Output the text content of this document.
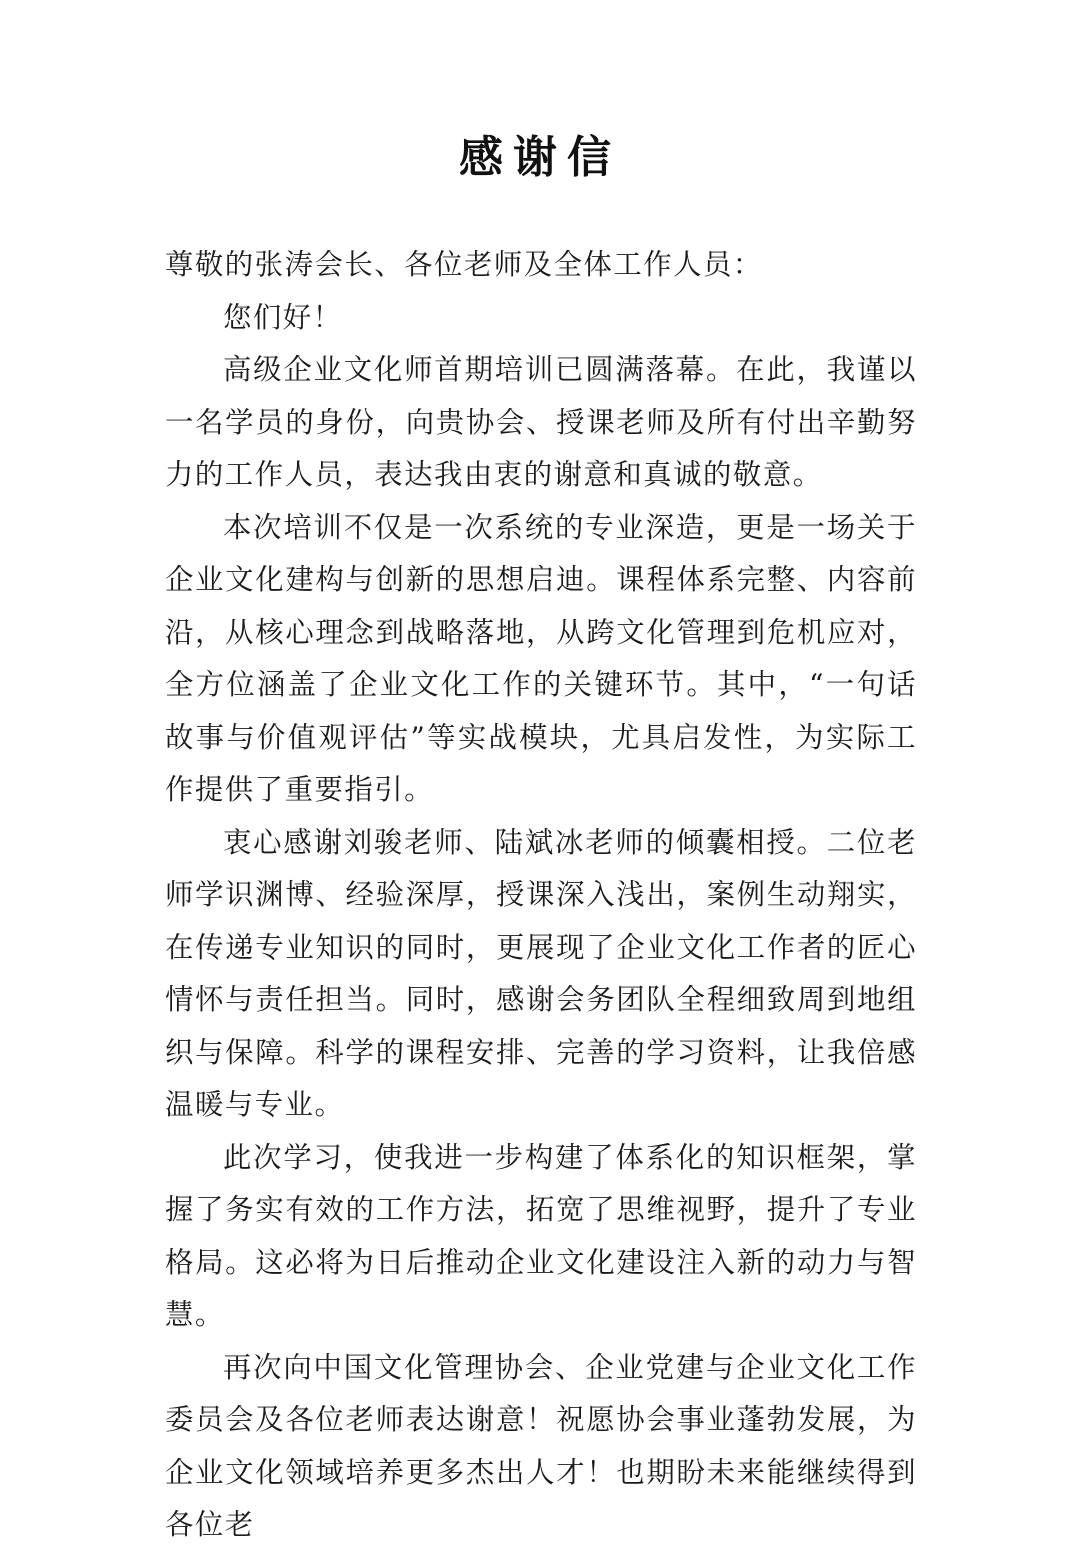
感谢信

尊敬的张涛会长、各位老师及全体工作人员：

您们好！

高级企业文化师首期培训已圆满落幕。在此，我谨以一名学员的身份，向贵协会、授课老师及所有付出辛勤努力的工作人员，表达我由衷的谢意和真诚的敬意。

本次培训不仅是一次系统的专业深造，更是一场关于企业文化建构与创新的思想启迪。课程体系完整、内容前沿，从核心理念到战略落地，从跨文化管理到危机应对，全方位涵盖了企业文化工作的关键环节。其中，“一句话故事与价值观评估”等实战模块，尤具启发性，为实际工作提供了重要指引。

衷心感谢刘骏老师、陆斌冰老师的倾囊相授。二位老师学识渊博、经验深厚，授课深入浅出，案例生动翔实，在传递专业知识的同时，更展现了企业文化工作者的匠心情怀与责任担当。同时，感谢会务团队全程细致周到地组织与保障。科学的课程安排、完善的学习资料，让我倍感温暖与专业。

此次学习，使我进一步构建了体系化的知识框架，掌握了务实有效的工作方法，拓宽了思维视野，提升了专业格局。这必将为日后推动企业文化建设注入新的动力与智慧。

再次向中国文化管理协会、企业党建与企业文化工作委员会及各位老师表达谢意！祝愿协会事业蓬勃发展，为企业文化领域培养更多杰出人才！也期盼未来能继续得到各位老
